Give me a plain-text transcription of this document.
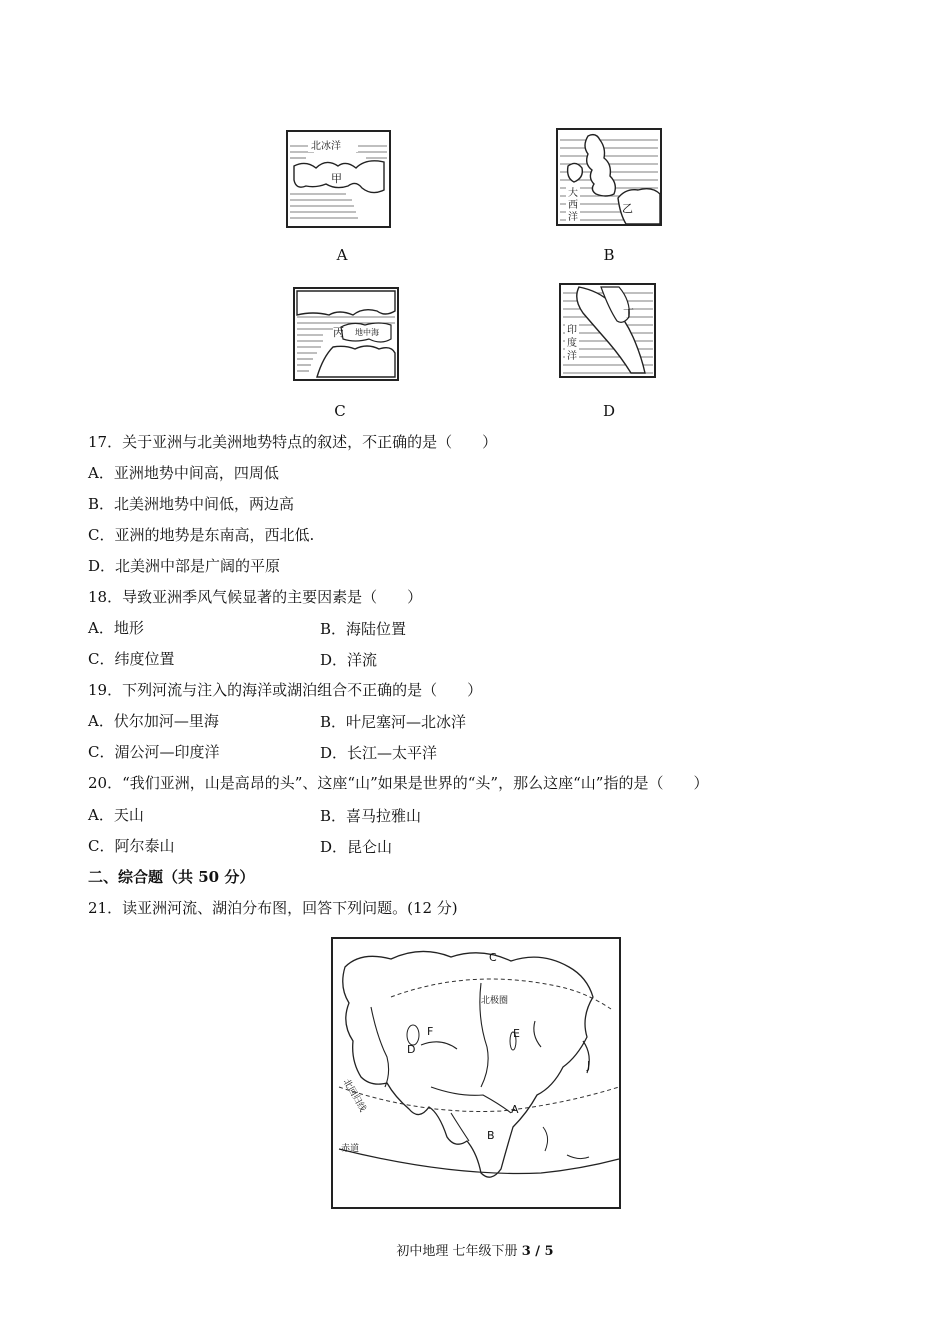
北冰洋
甲
A
大
西
洋
乙
B
丙 地中海
C
印
度
洋
丁
D
17．关于亚洲与北美洲地势特点的叙述，不正确的是（　　）
A．亚洲地势中间高，四周低
B．北美洲地势中间低，两边高
C．亚洲的地势是东南高，西北低.
D．北美洲中部是广阔的平原
18．导致亚洲季风气候显著的主要因素是（　　）
A．地形	B．海陆位置
C．纬度位置	D．洋流
19．下列河流与注入的海洋或湖泊组合不正确的是（　　）
A．伏尔加河—里海	B．叶尼塞河—北冰洋
C．湄公河—印度洋	D．长江—太平洋
20．“我们亚洲，山是高昂的头”、这座“山”如果是世界的“头”，那么这座“山”指的是（　　）
A．天山	B．喜马拉雅山
C．阿尔泰山	D．昆仑山
二、综合题（共 50 分）
21．读亚洲河流、湖泊分布图，回答下列问题。(12 分)
C
北极圈
F
D
E
J
北回归线	A
B
赤道
初中地理 七年级下册 3 / 5
